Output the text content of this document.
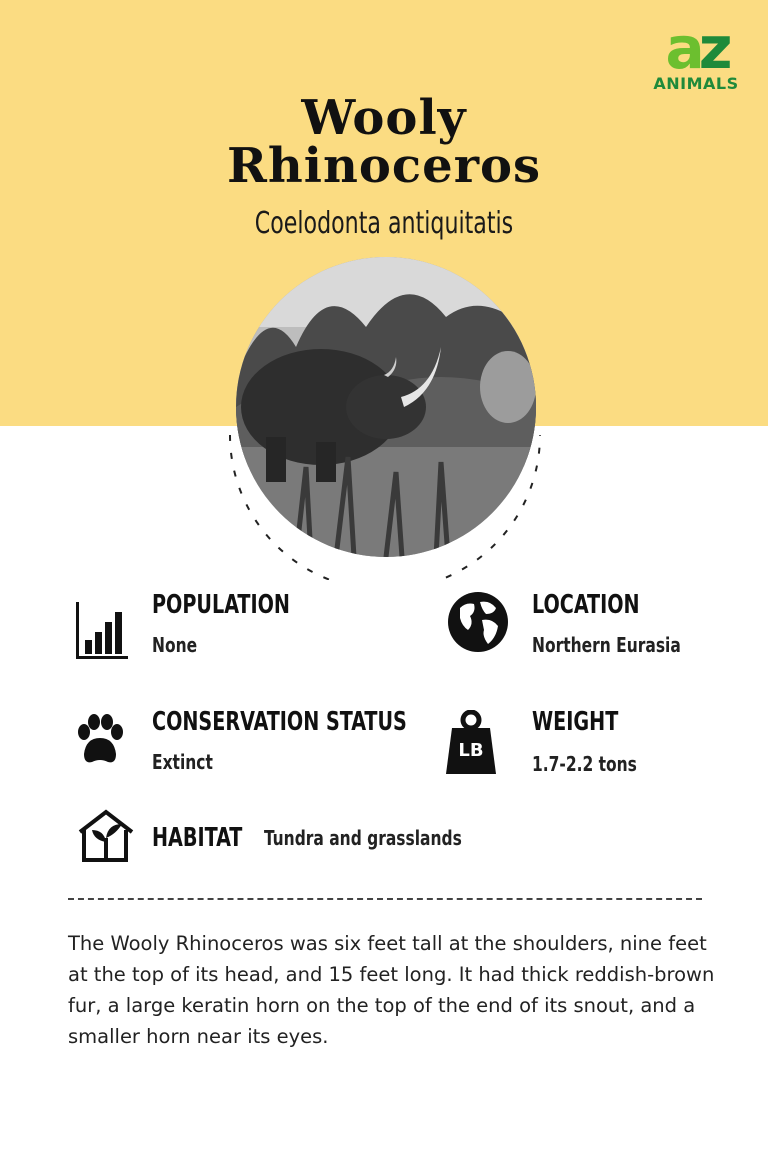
az
ANIMALS
Wooly
Rhinoceros
Coelodonta antiquitatis
POPULATION
None
LOCATION
Northern Eurasia
CONSERVATION STATUS
Extinct	LB
WEIGHT
1.7-2.2 tons
HABITAT Tundra and grasslands

The Wooly Rhinoceros was six feet tall at the shoulders, nine feet at the top of its head, and 15 feet long. It had thick reddish-brown fur, a large keratin horn on the top of the end of its snout, and a smaller horn near its eyes.
